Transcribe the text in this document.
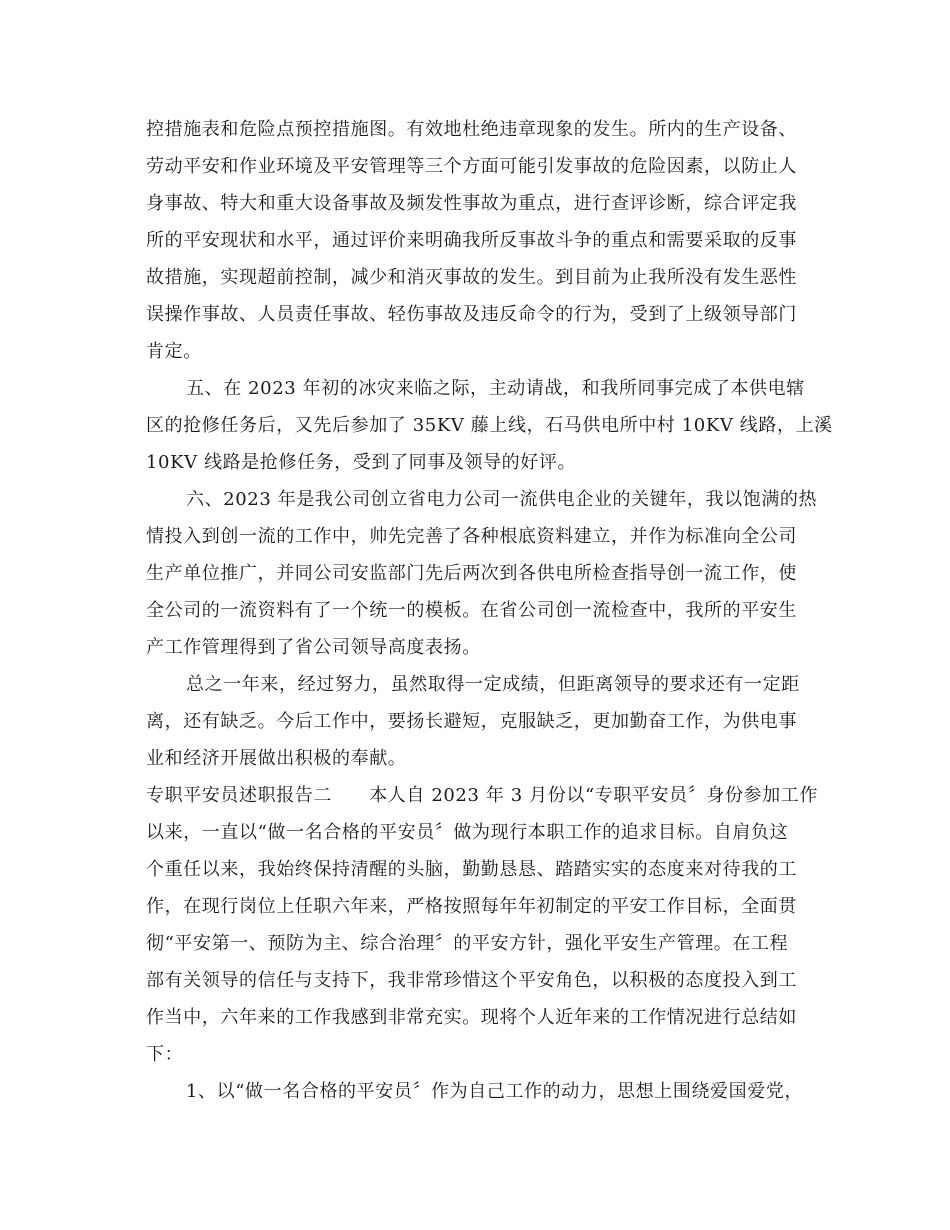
控措施表和危险点预控措施图。有效地杜绝违章现象的发生。所内的生产设备、
劳动平安和作业环境及平安管理等三个方面可能引发事故的危险因素，以防止人
身事故、特大和重大设备事故及频发性事故为重点，进行查评诊断，综合评定我
所的平安现状和水平，通过评价来明确我所反事故斗争的重点和需要采取的反事
故措施，实现超前控制，减少和消灭事故的发生。到目前为止我所没有发生恶性
误操作事故、人员责任事故、轻伤事故及违反命令的行为，受到了上级领导部门
肯定。
五、在 2023 年初的冰灾来临之际，主动请战，和我所同事完成了本供电辖
区的抢修任务后，又先后参加了 35KV 藤上线，石马供电所中村 10KV 线路，上溪
10KV 线路是抢修任务，受到了同事及领导的好评。
六、2023 年是我公司创立省电力公司一流供电企业的关键年，我以饱满的热
情投入到创一流的工作中，帅先完善了各种根底资料建立，并作为标准向全公司
生产单位推广，并同公司安监部门先后两次到各供电所检查指导创一流工作，使
全公司的一流资料有了一个统一的模板。在省公司创一流检查中，我所的平安生
产工作管理得到了省公司领导高度表扬。
总之一年来，经过努力，虽然取得一定成绩，但距离领导的要求还有一定距
离，还有缺乏。今后工作中，要扬长避短，克服缺乏，更加勤奋工作，为供电事
业和经济开展做出积极的奉献。
专职平安员述职报告二　　本人自 2023 年 3 月份以“专职平安员〞身份参加工作
以来，一直以“做一名合格的平安员〞做为现行本职工作的追求目标。自肩负这
个重任以来，我始终保持清醒的头脑，勤勤恳恳、踏踏实实的态度来对待我的工
作，在现行岗位上任职六年来，严格按照每年年初制定的平安工作目标，全面贯
彻“平安第一、预防为主、综合治理〞的平安方针，强化平安生产管理。在工程
部有关领导的信任与支持下，我非常珍惜这个平安角色，以积极的态度投入到工
作当中，六年来的工作我感到非常充实。现将个人近年来的工作情况进行总结如
下：
1、以“做一名合格的平安员〞作为自己工作的动力，思想上围绕爱国爱党，
